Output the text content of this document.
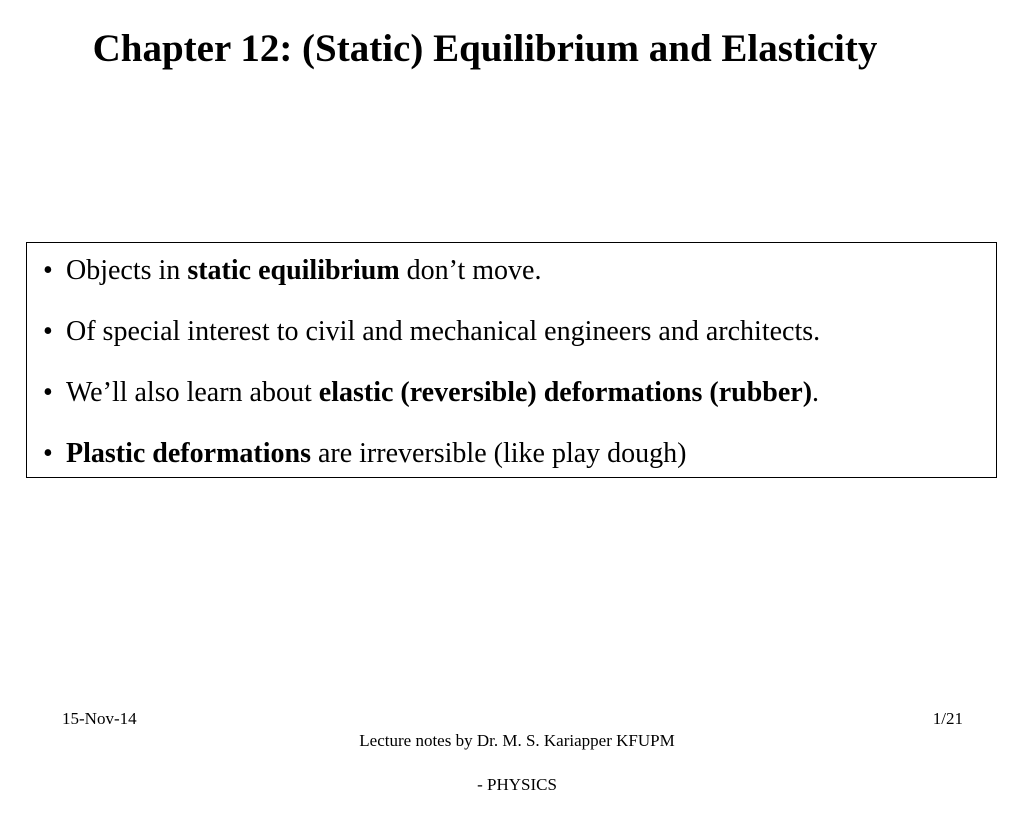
Chapter 12: (Static) Equilibrium and Elasticity
• Objects in static equilibrium don’t move.
• Of special interest to civil and mechanical engineers and architects.
• We’ll also learn about elastic (reversible) deformations (rubber).
• Plastic deformations are irreversible (like play dough)
15-Nov-14

Lecture notes by Dr. M. S. Kariapper KFUPM

- PHYSICS

1/21
